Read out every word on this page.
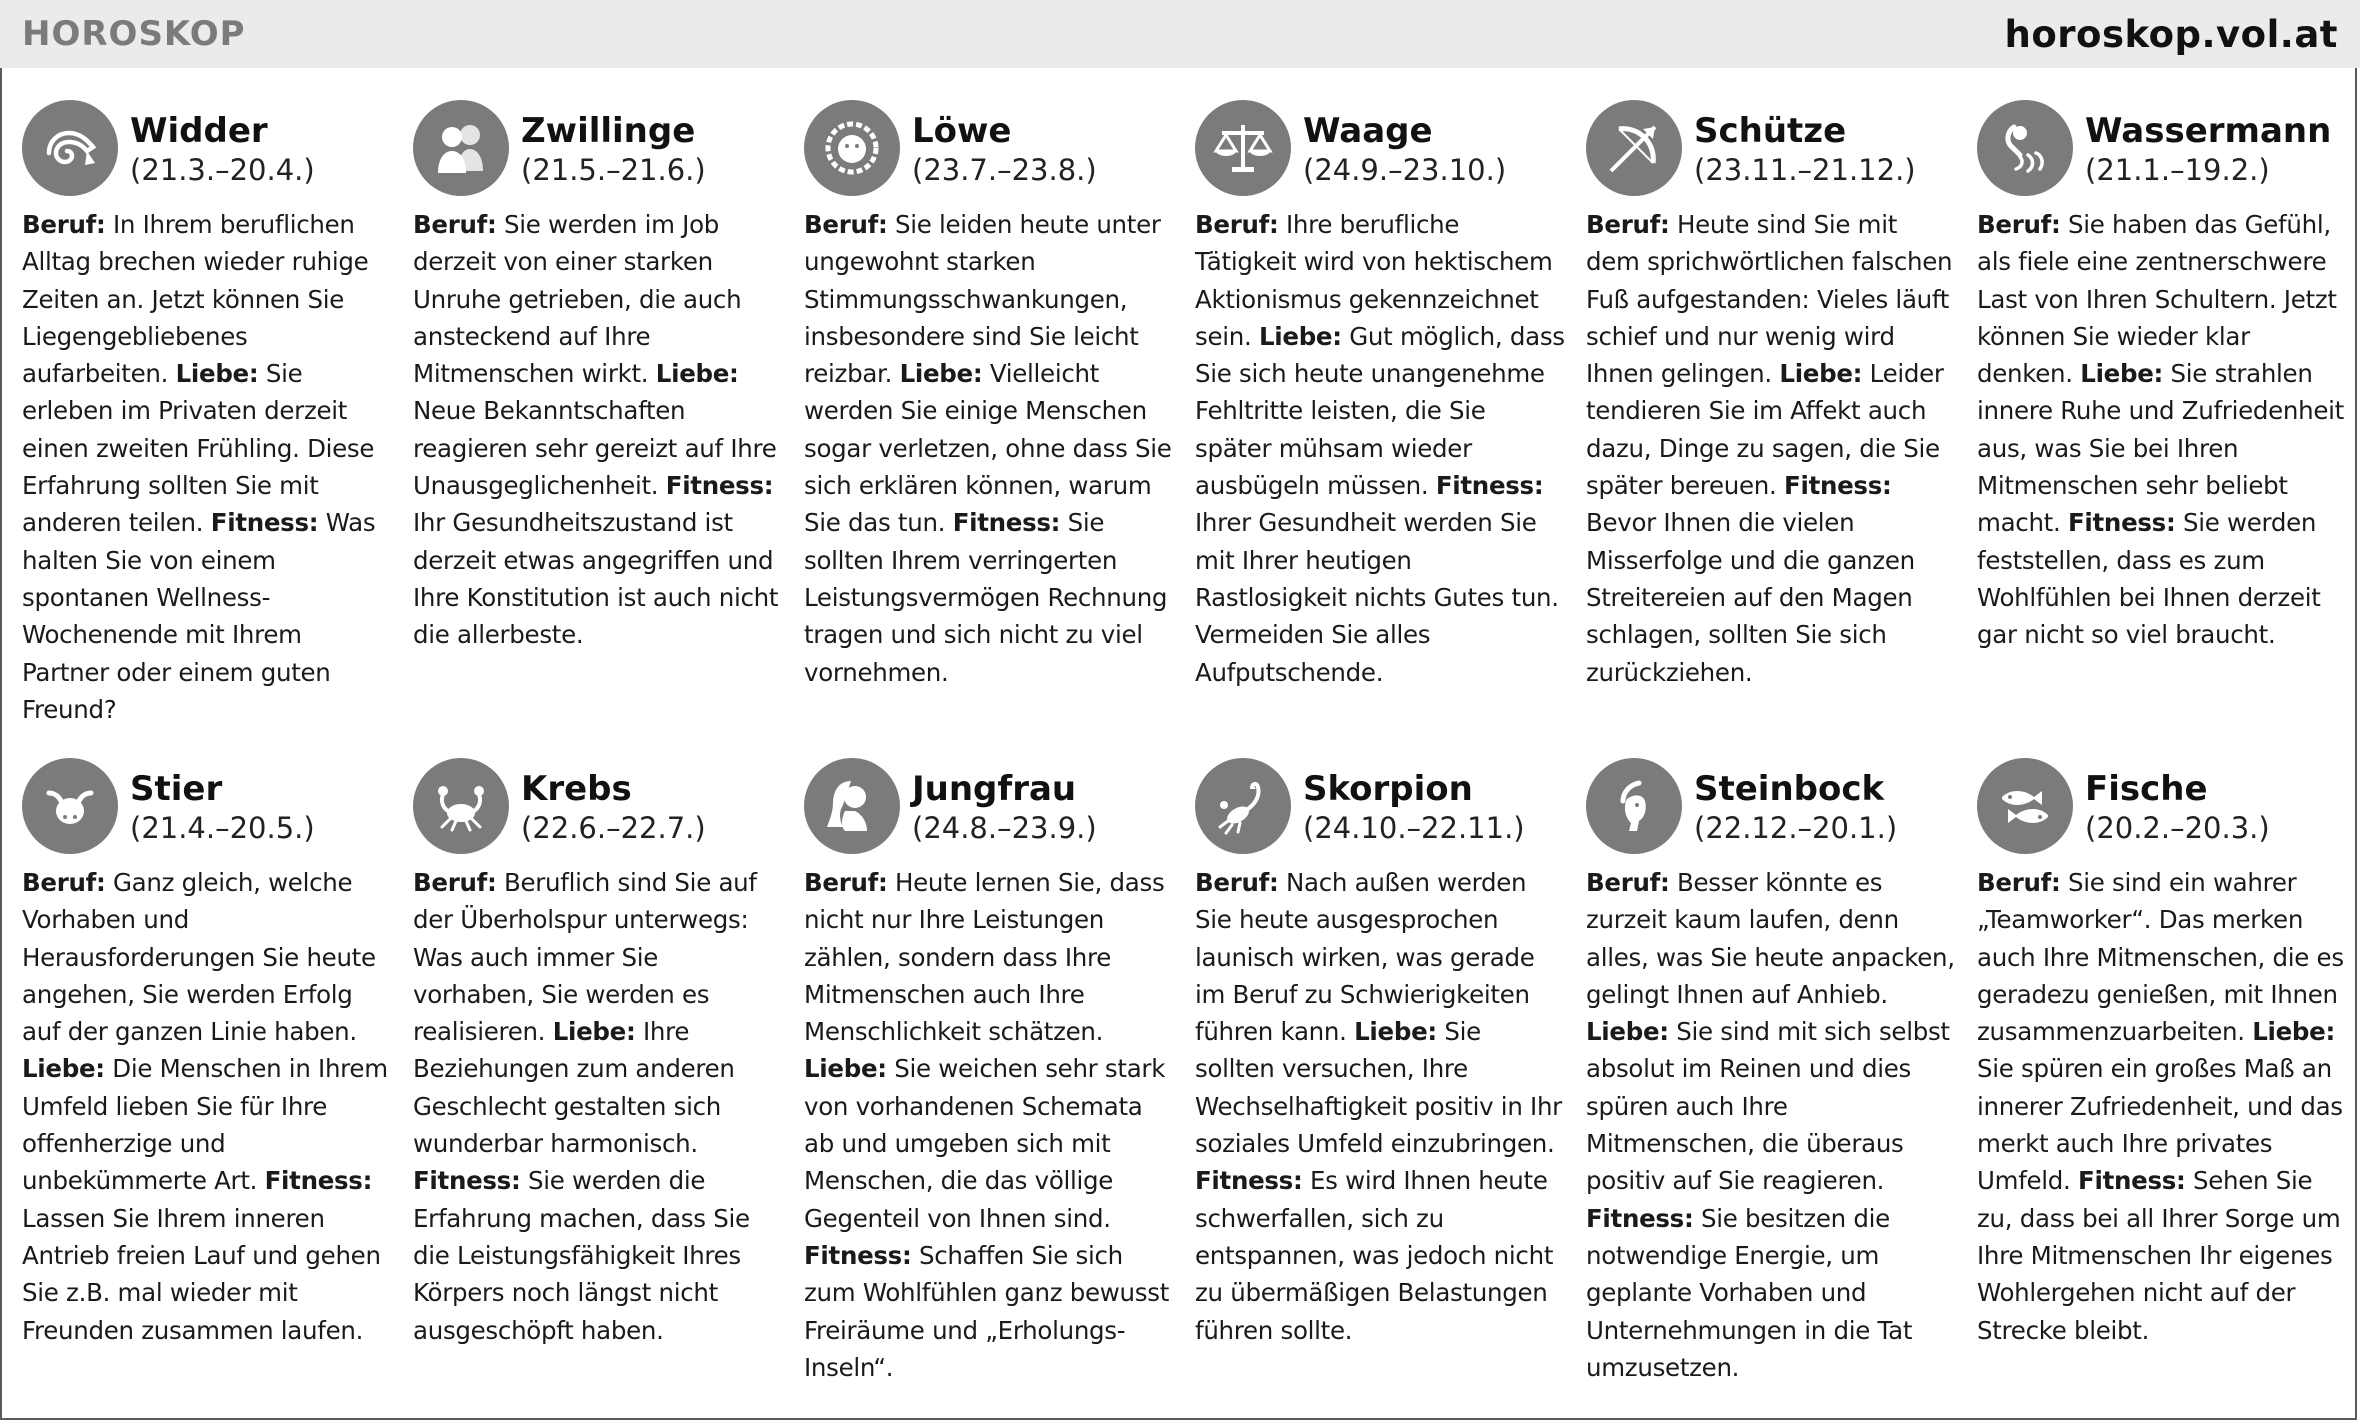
HOROSKOP	horoskop.vol.at
Widder
(21.3.–20.4.)
Beruf: In Ihrem beruflichen Alltag brechen wieder ruhige Zeiten an. Jetzt können Sie Liegengebliebenes aufarbeiten. Liebe: Sie erleben im Privaten derzeit einen zweiten Frühling. Diese Erfahrung sollten Sie mit anderen teilen. Fitness: Was halten Sie von einem spontanen Wellness-Wochenende mit Ihrem Partner oder einem guten Freund?
Zwillinge
(21.5.–21.6.)
Beruf: Sie werden im Job derzeit von einer starken Unruhe getrieben, die auch ansteckend auf Ihre Mitmenschen wirkt. Liebe: Neue Bekanntschaften reagieren sehr gereizt auf Ihre Unausgeglichenheit. Fitness: Ihr Gesundheitszustand ist derzeit etwas angegriffen und Ihre Konstitution ist auch nicht die allerbeste.
Löwe
(23.7.–23.8.)
Beruf: Sie leiden heute unter ungewohnt starken Stimmungsschwankungen, insbesondere sind Sie leicht reizbar. Liebe: Vielleicht werden Sie einige Menschen sogar verletzen, ohne dass Sie sich erklären können, warum Sie das tun. Fitness: Sie sollten Ihrem verringerten Leistungsvermögen Rechnung tragen und sich nicht zu viel vornehmen.
Waage
(24.9.–23.10.)
Beruf: Ihre berufliche Tätigkeit wird von hektischem Aktionismus gekennzeichnet sein. Liebe: Gut möglich, dass Sie sich heute unangenehme Fehltritte leisten, die Sie später mühsam wieder ausbügeln müssen. Fitness: Ihrer Gesundheit werden Sie mit Ihrer heutigen Rastlosigkeit nichts Gutes tun. Vermeiden Sie alles Aufputschende.
Schütze
(23.11.–21.12.)
Beruf: Heute sind Sie mit dem sprichwörtlichen falschen Fuß aufgestanden: Vieles läuft schief und nur wenig wird Ihnen gelingen. Liebe: Leider tendieren Sie im Affekt auch dazu, Dinge zu sagen, die Sie später bereuen. Fitness: Bevor Ihnen die vielen Misserfolge und die ganzen Streitereien auf den Magen schlagen, sollten Sie sich zurückziehen.
Wassermann
(21.1.–19.2.)
Beruf: Sie haben das Gefühl, als fiele eine zentnerschwere Last von Ihren Schultern. Jetzt können Sie wieder klar denken. Liebe: Sie strahlen innere Ruhe und Zufriedenheit aus, was Sie bei Ihren Mitmenschen sehr beliebt macht. Fitness: Sie werden feststellen, dass es zum Wohlfühlen bei Ihnen derzeit gar nicht so viel braucht.
Stier
(21.4.–20.5.)
Beruf: Ganz gleich, welche Vorhaben und Herausforderungen Sie heute angehen, Sie werden Erfolg auf der ganzen Linie haben. Liebe: Die Menschen in Ihrem Umfeld lieben Sie für Ihre offenherzige und unbekümmerte Art. Fitness: Lassen Sie Ihrem inneren Antrieb freien Lauf und gehen Sie z.B. mal wieder mit Freunden zusammen laufen.
Krebs
(22.6.–22.7.)
Beruf: Beruflich sind Sie auf der Überholspur unterwegs: Was auch immer Sie vorhaben, Sie werden es realisieren. Liebe: Ihre Beziehungen zum anderen Geschlecht gestalten sich wunderbar harmonisch. Fitness: Sie werden die Erfahrung machen, dass Sie die Leistungsfähigkeit Ihres Körpers noch längst nicht ausgeschöpft haben.
Jungfrau
(24.8.–23.9.)
Beruf: Heute lernen Sie, dass nicht nur Ihre Leistungen zählen, sondern dass Ihre Mitmenschen auch Ihre Menschlichkeit schätzen. Liebe: Sie weichen sehr stark von vorhandenen Schemata ab und umgeben sich mit Menschen, die das völlige Gegenteil von Ihnen sind. Fitness: Schaffen Sie sich zum Wohlfühlen ganz bewusst Freiräume und „Erholungs-Inseln“.
Skorpion
(24.10.–22.11.)
Beruf: Nach außen werden Sie heute ausgesprochen launisch wirken, was gerade im Beruf zu Schwierigkeiten führen kann. Liebe: Sie sollten versuchen, Ihre Wechselhaftigkeit positiv in Ihr soziales Umfeld einzubringen. Fitness: Es wird Ihnen heute schwerfallen, sich zu entspannen, was jedoch nicht zu übermäßigen Belastungen führen sollte.
Steinbock
(22.12.–20.1.)
Beruf: Besser könnte es zurzeit kaum laufen, denn alles, was Sie heute anpacken, gelingt Ihnen auf Anhieb. Liebe: Sie sind mit sich selbst absolut im Reinen und dies spüren auch Ihre Mitmenschen, die überaus positiv auf Sie reagieren. Fitness: Sie besitzen die notwendige Energie, um geplante Vorhaben und Unternehmungen in die Tat umzusetzen.
Fische
(20.2.–20.3.)
Beruf: Sie sind ein wahrer „Teamworker“. Das merken auch Ihre Mitmenschen, die es geradezu genießen, mit Ihnen zusammenzuarbeiten. Liebe: Sie spüren ein großes Maß an innerer Zufriedenheit, und das merkt auch Ihre privates Umfeld. Fitness: Sehen Sie zu, dass bei all Ihrer Sorge um Ihre Mitmenschen Ihr eigenes Wohlergehen nicht auf der Strecke bleibt.
